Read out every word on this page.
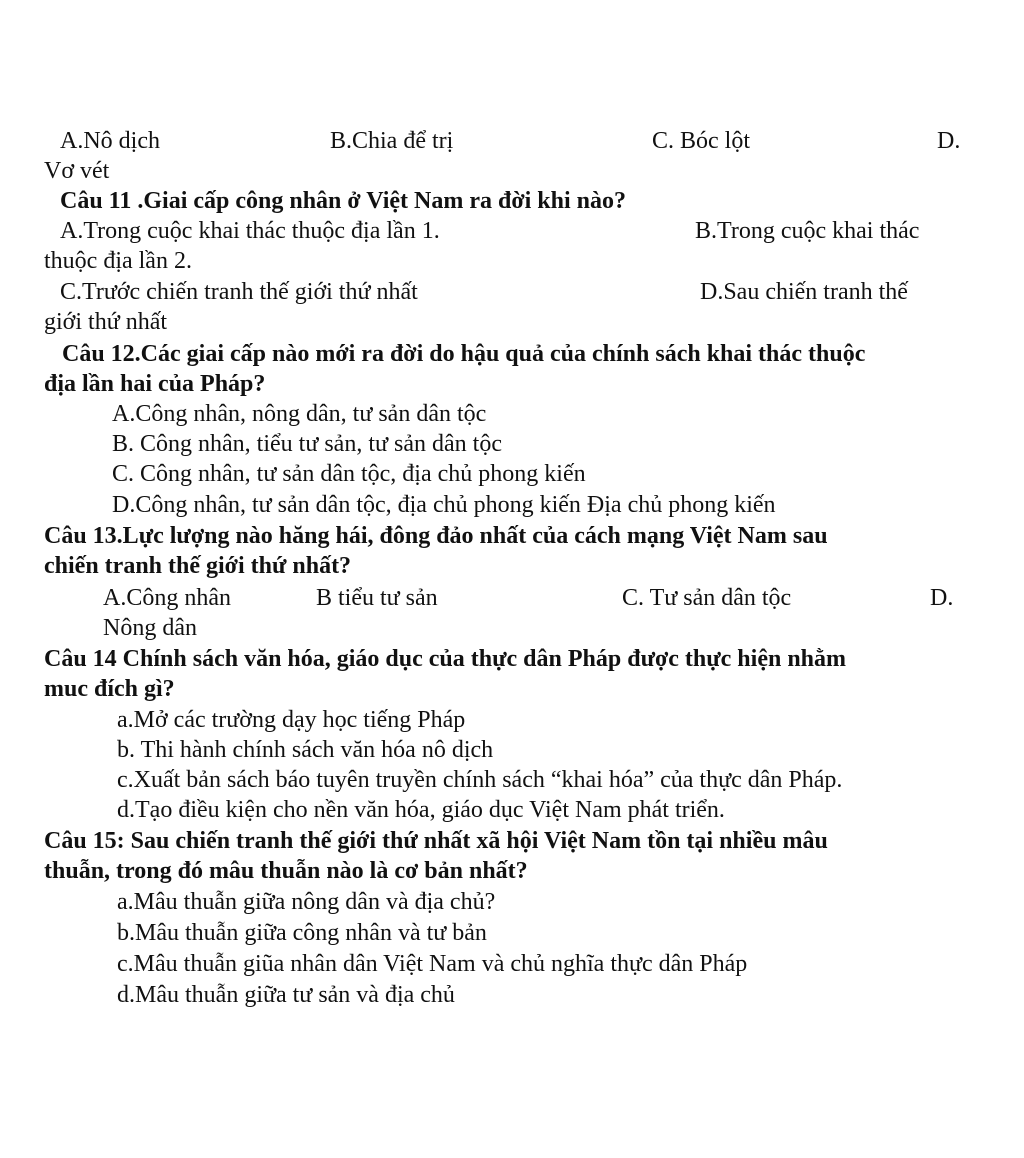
A.Nô dịch	B.Chia để trị	C. Bóc lột	D.
Vơ vét
Câu 11 .Giai cấp công nhân ở Việt Nam ra đời khi nào?
A.Trong cuộc khai thác thuộc địa lần 1.	B.Trong cuộc khai thác
thuộc địa lần 2.
C.Trước chiến tranh thế giới thứ nhất	D.Sau chiến tranh thế
giới thứ nhất
Câu 12.Các giai cấp nào mới ra đời do hậu quả của chính sách khai thác thuộc
địa lần hai của Pháp?
A.Công nhân, nông dân, tư sản dân tộc
B. Công nhân, tiểu tư sản, tư sản dân tộc
C. Công nhân, tư sản dân tộc, địa chủ phong kiến
D.Công nhân, tư sản dân tộc, địa chủ phong kiến Địa chủ phong kiến
Câu 13.Lực lượng nào hăng hái, đông đảo nhất của cách mạng Việt Nam sau
chiến tranh thế giới thứ nhất?
A.Công nhân	B tiểu tư sản	C. Tư sản dân tộc	D.
Nông dân
Câu 14 Chính sách văn hóa, giáo dục của thực dân Pháp được thực hiện nhằm
muc đích gì?
a.Mở các trường dạy học tiếng Pháp
b. Thi hành chính sách văn hóa nô dịch
c.Xuất bản sách báo tuyên truyền chính sách “khai hóa” của thực dân Pháp.
d.Tạo điều kiện cho nền văn hóa, giáo dục Việt Nam phát triển.
Câu 15: Sau chiến tranh thế giới thứ nhất xã hội Việt Nam tồn tại nhiều mâu
thuẫn, trong đó mâu thuẫn nào là cơ bản nhất?
a.Mâu thuẫn giữa nông dân và địa chủ?
b.Mâu thuẫn giữa công nhân và tư bản
c.Mâu thuẫn giũa nhân dân Việt Nam và chủ nghĩa thực dân Pháp
d.Mâu thuẫn giữa tư sản và địa chủ
